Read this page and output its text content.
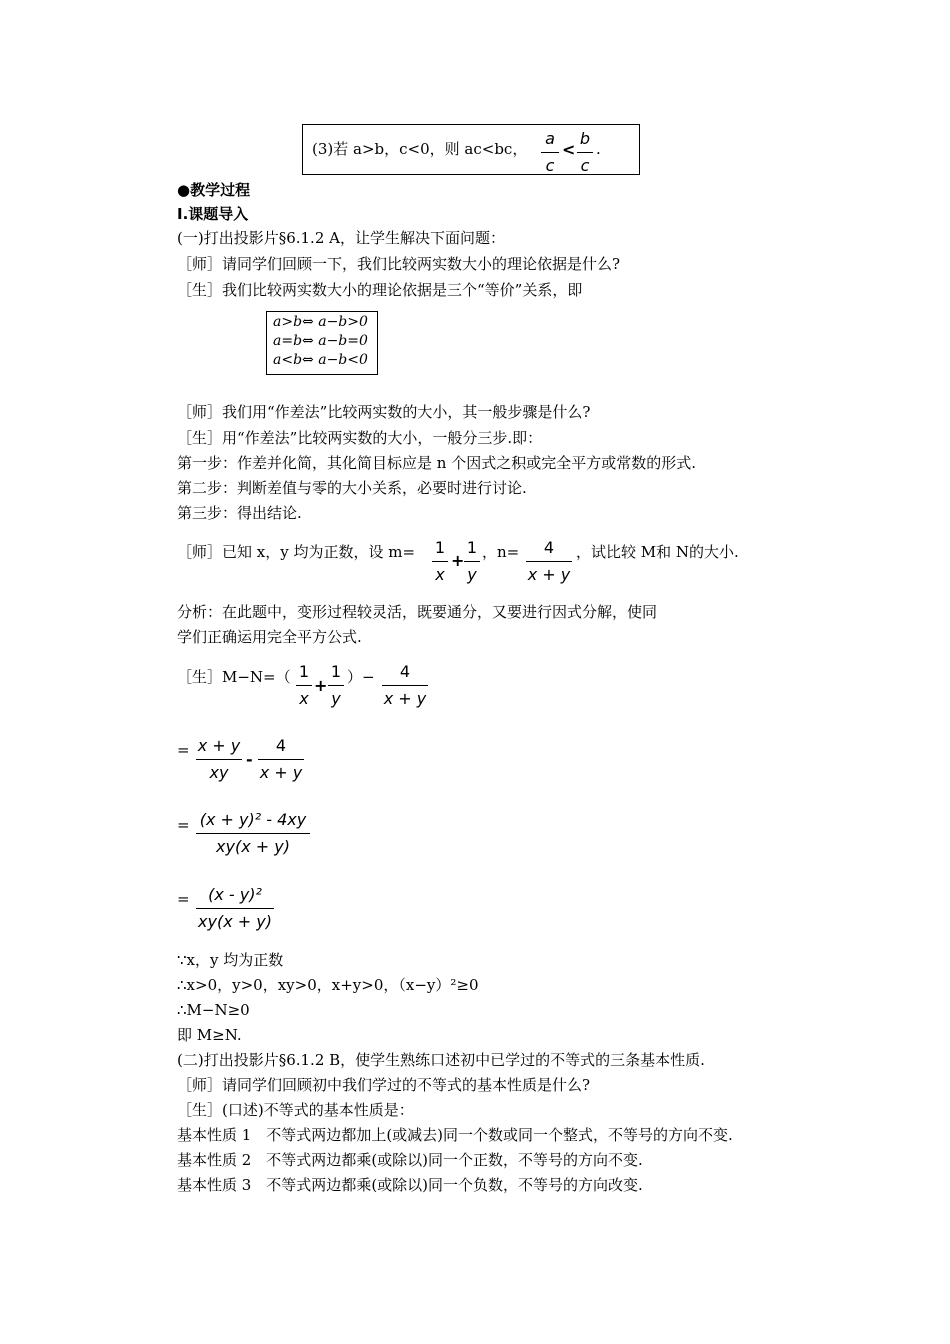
(3)若 a>b，c<0，则 ac<bc，
a
c
<
b
c
.
●教学过程
Ⅰ.课题导入
(一)打出投影片§6.1.2 A，让学生解决下面问题：
［师］请同学们回顾一下，我们比较两实数大小的理论依据是什么?
［生］我们比较两实数大小的理论依据是三个“等价”关系，即
a>b⇔ a−b>0
a=b⇔ a−b=0
a<b⇔ a−b<0
［师］我们用“作差法”比较两实数的大小，其一般步骤是什么?
［生］用“作差法”比较两实数的大小，一般分三步.即：
第一步：作差并化简，其化简目标应是 n 个因式之积或完全平方或常数的形式.
第二步：判断差值与零的大小关系，必要时进行讨论.
第三步：得出结论.
［师］已知 x，y 均为正数，设 m= 1
x
+
1
y
，n=	4
x + y
，试比较 M和 N的大小.
分析：在此题中，变形过程较灵活，既要通分，又要进行因式分解，使同
学们正确运用完全平方公式.
［生］M−N=（ 1
x
+
1
y
）−	4
x + y
= x + y
xy
-
4
x + y
= (x + y)² - 4xy
xy(x + y)
=	(x - y)²
xy(x + y)
∵x，y 均为正数
∴x>0，y>0，xy>0，x+y>0，（x−y）²≥0
∴M−N≥0
即 M≥N.
(二)打出投影片§6.1.2 B，使学生熟练口述初中已学过的不等式的三条基本性质.
［师］请同学们回顾初中我们学过的不等式的基本性质是什么?
［生］(口述)不等式的基本性质是：
基本性质 1　不等式两边都加上(或减去)同一个数或同一个整式，不等号的方向不变.
基本性质 2　不等式两边都乘(或除以)同一个正数，不等号的方向不变.
基本性质 3　不等式两边都乘(或除以)同一个负数，不等号的方向改变.
